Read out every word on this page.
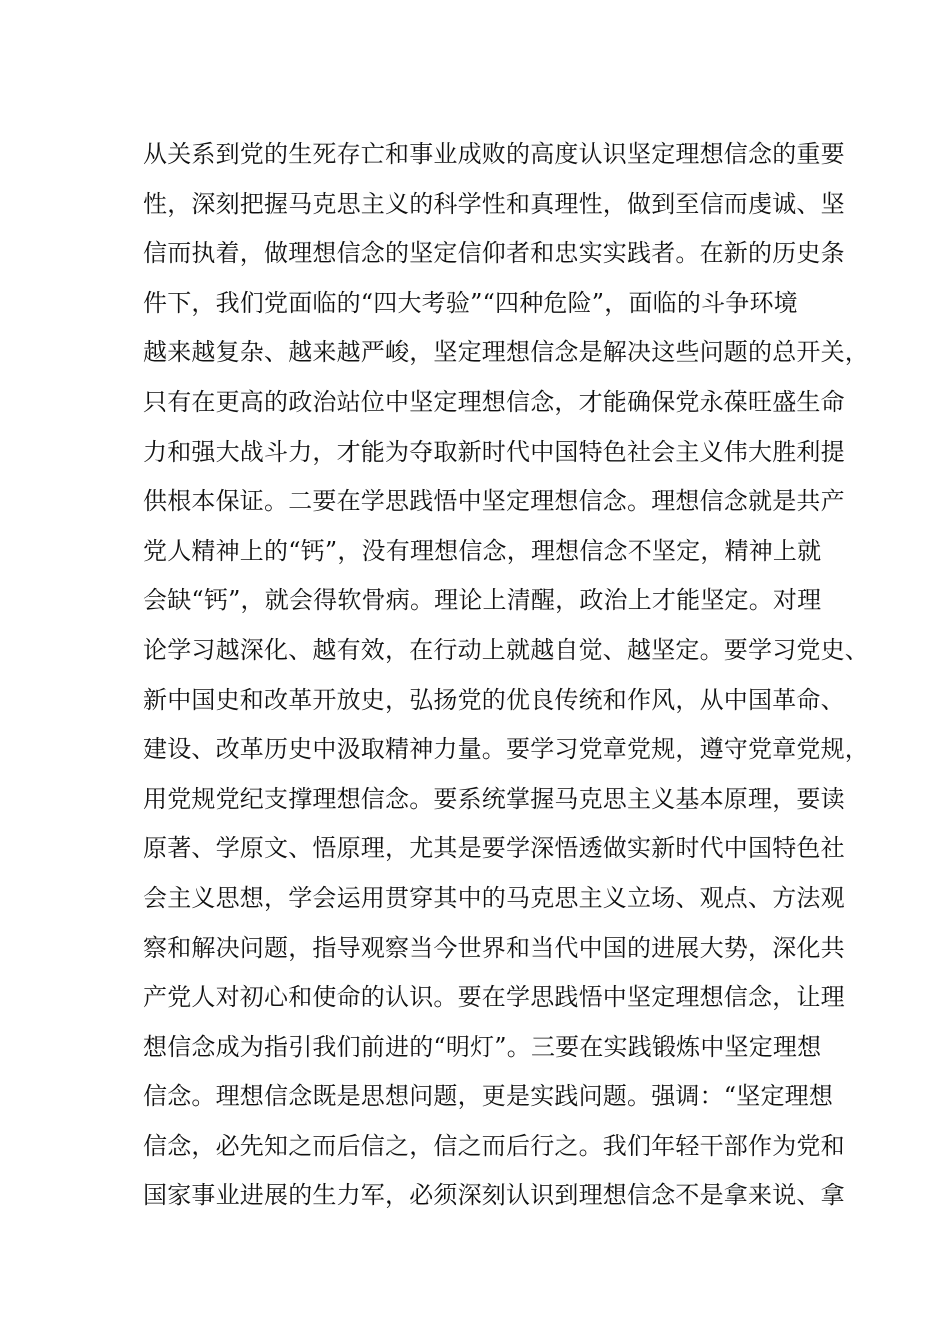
从关系到党的生死存亡和事业成败的高度认识坚定理想信念的重要
性，深刻把握马克思主义的科学性和真理性，做到至信而虔诚、坚
信而执着，做理想信念的坚定信仰者和忠实实践者。在新的历史条
件下，我们党面临的“四大考验”“四种危险”，面临的斗争环境
越来越复杂、越来越严峻，坚定理想信念是解决这些问题的总开关，
只有在更高的政治站位中坚定理想信念，才能确保党永葆旺盛生命
力和强大战斗力，才能为夺取新时代中国特色社会主义伟大胜利提
供根本保证。二要在学思践悟中坚定理想信念。理想信念就是共产
党人精神上的“钙”，没有理想信念，理想信念不坚定，精神上就
会缺“钙”，就会得软骨病。理论上清醒，政治上才能坚定。对理
论学习越深化、越有效，在行动上就越自觉、越坚定。要学习党史、
新中国史和改革开放史，弘扬党的优良传统和作风，从中国革命、
建设、改革历史中汲取精神力量。要学习党章党规，遵守党章党规，
用党规党纪支撑理想信念。要系统掌握马克思主义基本原理，要读
原著、学原文、悟原理，尤其是要学深悟透做实新时代中国特色社
会主义思想，学会运用贯穿其中的马克思主义立场、观点、方法观
察和解决问题，指导观察当今世界和当代中国的进展大势，深化共
产党人对初心和使命的认识。要在学思践悟中坚定理想信念，让理
想信念成为指引我们前进的“明灯”。三要在实践锻炼中坚定理想
信念。理想信念既是思想问题，更是实践问题。强调：“坚定理想
信念，必先知之而后信之，信之而后行之。我们年轻干部作为党和
国家事业进展的生力军，必须深刻认识到理想信念不是拿来说、拿
